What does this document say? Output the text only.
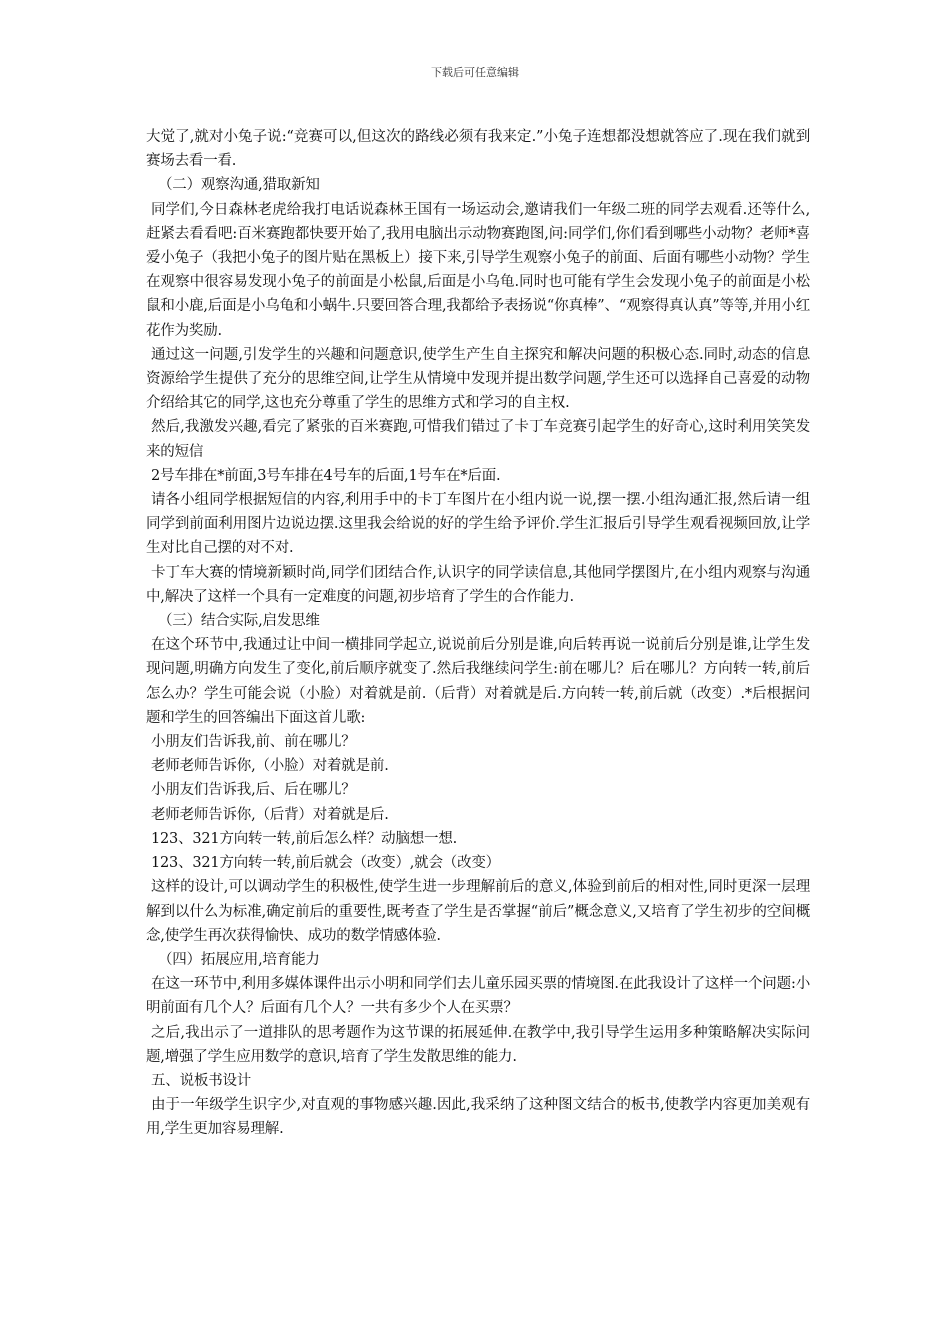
下载后可任意编辑

大觉了,就对小兔子说:“竞赛可以,但这次的路线必须有我来定.”小兔子连想都没想就答应了.现在我们就到赛场去看一看.

（二）观察沟通,猎取新知

同学们,今日森林老虎给我打电话说森林王国有一场运动会,邀请我们一年级二班的同学去观看.还等什么,赶紧去看看吧:百米赛跑都快要开始了,我用电脑出示动物赛跑图,问:同学们,你们看到哪些小动物？老师*喜爱小兔子（我把小兔子的图片贴在黑板上）接下来,引导学生观察小兔子的前面、后面有哪些小动物？学生在观察中很容易发现小兔子的前面是小松鼠,后面是小乌龟.同时也可能有学生会发现小兔子的前面是小松鼠和小鹿,后面是小乌龟和小蜗牛.只要回答合理,我都给予表扬说“你真棒”、“观察得真认真”等等,并用小红花作为奖励.

通过这一问题,引发学生的兴趣和问题意识,使学生产生自主探究和解决问题的积极心态.同时,动态的信息资源给学生提供了充分的思维空间,让学生从情境中发现并提出数学问题,学生还可以选择自己喜爱的动物介绍给其它的同学,这也充分尊重了学生的思维方式和学习的自主权.

然后,我激发兴趣,看完了紧张的百米赛跑,可惜我们错过了卡丁车竞赛引起学生的好奇心,这时利用笑笑发来的短信

2号车排在*前面,3号车排在4号车的后面,1号车在*后面.

请各小组同学根据短信的内容,利用手中的卡丁车图片在小组内说一说,摆一摆.小组沟通汇报,然后请一组同学到前面利用图片边说边摆.这里我会给说的好的学生给予评价.学生汇报后引导学生观看视频回放,让学生对比自己摆的对不对.

卡丁车大赛的情境新颖时尚,同学们团结合作,认识字的同学读信息,其他同学摆图片,在小组内观察与沟通中,解决了这样一个具有一定难度的问题,初步培育了学生的合作能力.

（三）结合实际,启发思维

在这个环节中,我通过让中间一横排同学起立,说说前后分别是谁,向后转再说一说前后分别是谁,让学生发现问题,明确方向发生了变化,前后顺序就变了.然后我继续问学生:前在哪儿？后在哪儿？方向转一转,前后怎么办？学生可能会说（小脸）对着就是前.（后背）对着就是后.方向转一转,前后就（改变）.*后根据问题和学生的回答编出下面这首儿歌:

小朋友们告诉我,前、前在哪儿？

老师老师告诉你,（小脸）对着就是前.

小朋友们告诉我,后、后在哪儿？

老师老师告诉你,（后背）对着就是后.

123、321方向转一转,前后怎么样？动脑想一想.

123、321方向转一转,前后就会（改变）,就会（改变）

这样的设计,可以调动学生的积极性,使学生进一步理解前后的意义,体验到前后的相对性,同时更深一层理解到以什么为标准,确定前后的重要性,既考查了学生是否掌握“前后”概念意义,又培育了学生初步的空间概念,使学生再次获得愉快、成功的数学情感体验.

（四）拓展应用,培育能力

在这一环节中,利用多媒体课件出示小明和同学们去儿童乐园买票的情境图.在此我设计了这样一个问题:小明前面有几个人？后面有几个人？一共有多少个人在买票？

之后,我出示了一道排队的思考题作为这节课的拓展延伸.在教学中,我引导学生运用多种策略解决实际问题,增强了学生应用数学的意识,培育了学生发散思维的能力.

五、说板书设计

由于一年级学生识字少,对直观的事物感兴趣.因此,我采纳了这种图文结合的板书,使教学内容更加美观有用,学生更加容易理解.
